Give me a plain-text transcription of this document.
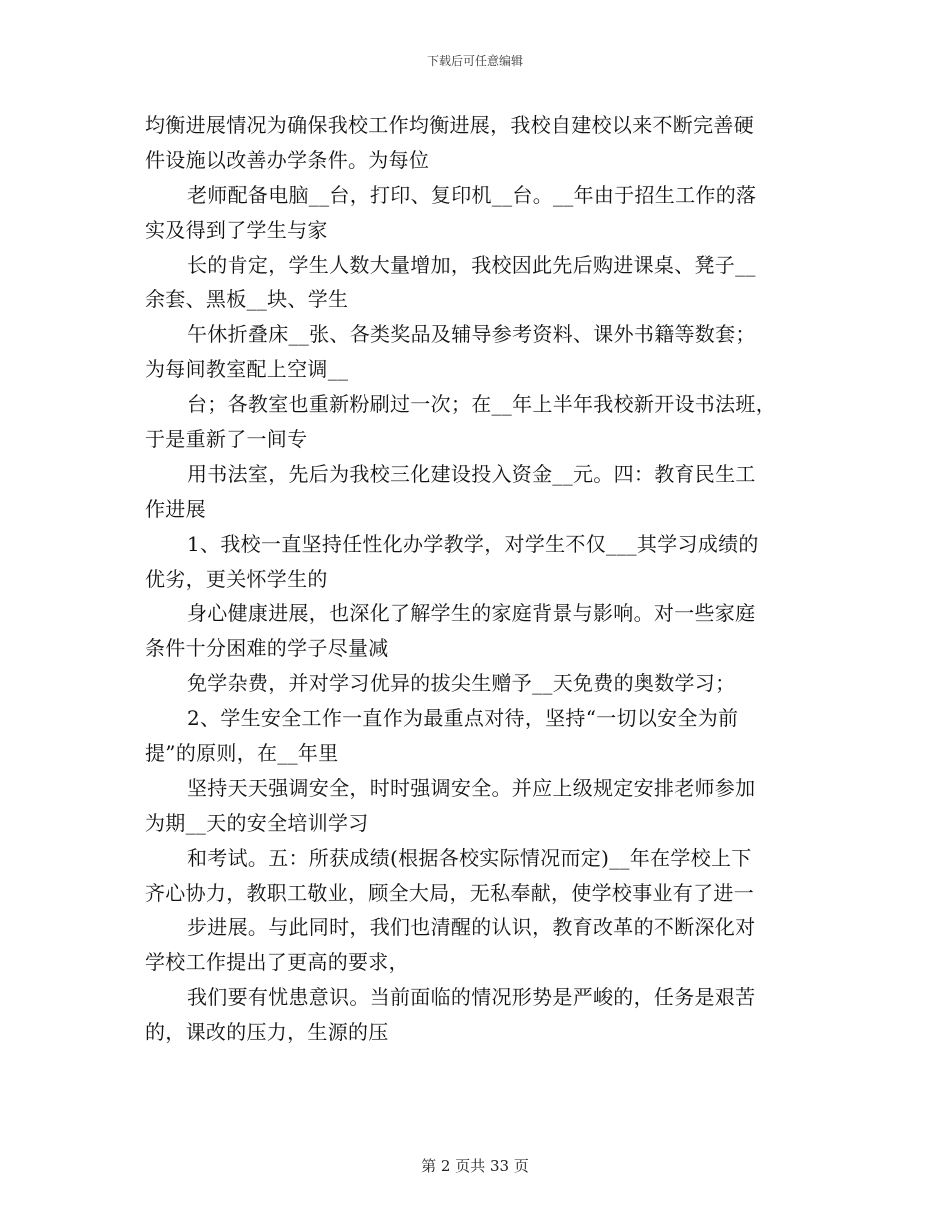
下载后可任意编辑
均衡进展情况为确保我校工作均衡进展，我校自建校以来不断完善硬
件设施以改善办学条件。为每位
老师配备电脑__台，打印、复印机__台。__年由于招生工作的落
实及得到了学生与家
长的肯定，学生人数大量增加，我校因此先后购进课桌、凳子__
余套、黑板__块、学生
午休折叠床__张、各类奖品及辅导参考资料、课外书籍等数套；
为每间教室配上空调__
台；各教室也重新粉刷过一次；在__年上半年我校新开设书法班，
于是重新了一间专
用书法室，先后为我校三化建设投入资金__元。四：教育民生工
作进展
1、我校一直坚持任性化办学教学，对学生不仅___其学习成绩的
优劣，更关怀学生的
身心健康进展，也深化了解学生的家庭背景与影响。对一些家庭
条件十分困难的学子尽量减
免学杂费，并对学习优异的拔尖生赠予__天免费的奥数学习；
2、学生安全工作一直作为最重点对待，坚持“一切以安全为前
提”的原则，在__年里
坚持天天强调安全，时时强调安全。并应上级规定安排老师参加
为期__天的安全培训学习
和考试。五：所获成绩(根据各校实际情况而定)__年在学校上下
齐心协力，教职工敬业，顾全大局，无私奉献，使学校事业有了进一
步进展。与此同时，我们也清醒的认识，教育改革的不断深化对
学校工作提出了更高的要求，
我们要有忧患意识。当前面临的情况形势是严峻的，任务是艰苦
的，课改的压力，生源的压
第 2 页共 33 页
